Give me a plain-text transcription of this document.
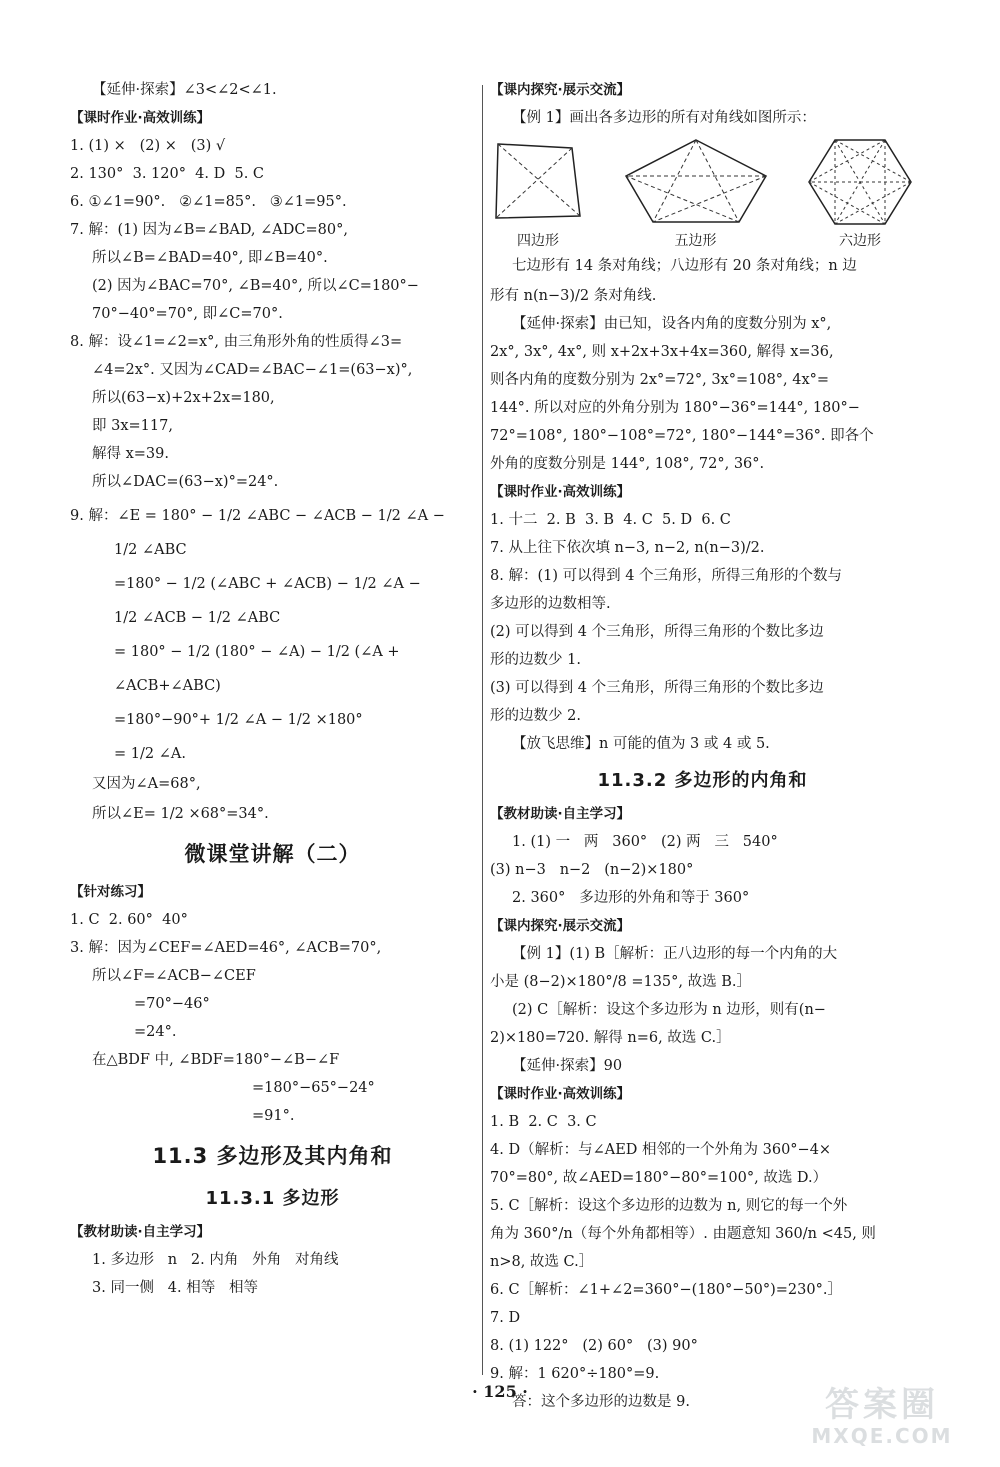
【延伸·探索】∠3<∠2<∠1.

【课时作业·高效训练】

1. (1) ×   (2) ×   (3) √

2. 130°  3. 120°  4. D  5. C

6. ①∠1=90°.   ②∠1=85°.   ③∠1=95°.

7. 解：(1) 因为∠B=∠BAD, ∠ADC=80°,

所以∠B=∠BAD=40°, 即∠B=40°.

(2) 因为∠BAC=70°, ∠B=40°, 所以∠C=180°−

70°−40°=70°, 即∠C=70°.

8. 解：设∠1=∠2=x°, 由三角形外角的性质得∠3=

∠4=2x°. 又因为∠CAD=∠BAC−∠1=(63−x)°,

所以(63−x)+2x+2x=180,

即 3x=117,

解得 x=39.

所以∠DAC=(63−x)°=24°.

9. 解：∠E = 180° − 1/2 ∠ABC − ∠ACB − 1/2 ∠A −

1/2 ∠ABC

=180° − 1/2 (∠ABC + ∠ACB) − 1/2 ∠A −

1/2 ∠ACB − 1/2 ∠ABC

= 180° − 1/2 (180° − ∠A) − 1/2 (∠A +

∠ACB+∠ABC)

=180°−90°+ 1/2 ∠A − 1/2 ×180°

= 1/2 ∠A.

又因为∠A=68°,

所以∠E= 1/2 ×68°=34°.

微课堂讲解（二）

【针对练习】

1. C  2. 60°  40°

3. 解：因为∠CEF=∠AED=46°, ∠ACB=70°,

所以∠F=∠ACB−∠CEF

=70°−46°

=24°.

在△BDF 中, ∠BDF=180°−∠B−∠F

=180°−65°−24°

=91°.

11.3 多边形及其内角和
11.3.1 多边形

【教材助读·自主学习】

1. 多边形   n   2. 内角   外角   对角线

3. 同一侧   4. 相等   相等

【课内探究·展示交流】

【例 1】画出各多边形的所有对角线如图所示：

四边形	五边形	六边形

七边形有 14 条对角线；八边形有 20 条对角线；n 边

形有 n(n−3)/2 条对角线.

【延伸·探索】由已知，设各内角的度数分别为 x°,

2x°, 3x°, 4x°, 则 x+2x+3x+4x=360, 解得 x=36,

则各内角的度数分别为 2x°=72°, 3x°=108°, 4x°=

144°. 所以对应的外角分别为 180°−36°=144°, 180°−

72°=108°, 180°−108°=72°, 180°−144°=36°. 即各个

外角的度数分别是 144°, 108°, 72°, 36°.

【课时作业·高效训练】

1. 十二  2. B  3. B  4. C  5. D  6. C

7. 从上往下依次填 n−3, n−2, n(n−3)/2.

8. 解：(1) 可以得到 4 个三角形，所得三角形的个数与

多边形的边数相等.

(2) 可以得到 4 个三角形，所得三角形的个数比多边

形的边数少 1.

(3) 可以得到 4 个三角形，所得三角形的个数比多边

形的边数少 2.

【放飞思维】n 可能的值为 3 或 4 或 5.

11.3.2 多边形的内角和

【教材助读·自主学习】

1. (1) 一   两   360°   (2) 两   三   540°

(3) n−3   n−2   (n−2)×180°

2. 360°   多边形的外角和等于 360°

【课内探究·展示交流】

【例 1】(1) B［解析：正八边形的每一个内角的大

小是 (8−2)×180°/8 =135°, 故选 B.］

(2) C［解析：设这个多边形为 n 边形，则有(n−

2)×180=720. 解得 n=6, 故选 C.］

【延伸·探索】90

【课时作业·高效训练】

1. B  2. C  3. C

4. D（解析：与∠AED 相邻的一个外角为 360°−4×

70°=80°, 故∠AED=180°−80°=100°, 故选 D.）

5. C［解析：设这个多边形的边数为 n, 则它的每一个外

角为 360°/n（每个外角都相等）. 由题意知 360/n <45, 则

n>8, 故选 C.］

6. C［解析：∠1+∠2=360°−(180°−50°)=230°.］

7. D

8. (1) 122°   (2) 60°   (3) 90°

9. 解：1 620°÷180°=9.

答：这个多边形的边数是 9.

· 125 ·	答案圈
MXQE.COM
